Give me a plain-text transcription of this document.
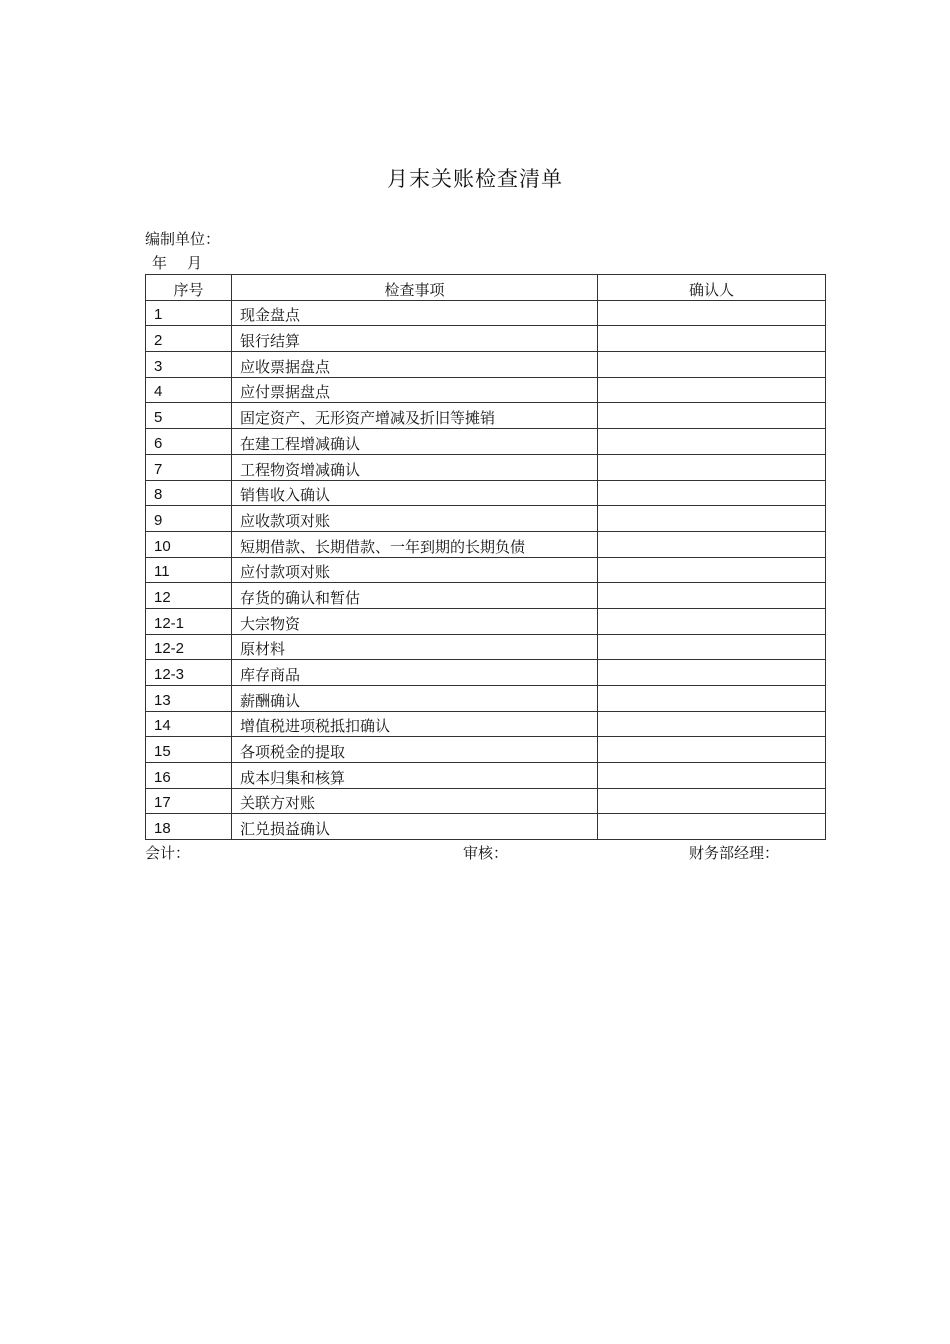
月末关账检查清单
编制单位：
年 月
序号	检查事项	确认人
1	现金盘点	
2	银行结算	
3	应收票据盘点	
4	应付票据盘点	
5	固定资产、无形资产增减及折旧等摊销	
6	在建工程增减确认	
7	工程物资增减确认	
8	销售收入确认	
9	应收款项对账	
10	短期借款、长期借款、一年到期的长期负债	
11	应付款项对账	
12	存货的确认和暂估	
12-1	大宗物资	
12-2	原材料	
12-3	库存商品	
13	薪酬确认	
14	增值税进项税抵扣确认	
15	各项税金的提取	
16	成本归集和核算	
17	关联方对账	
18	汇兑损益确认	
会计：	审核：	财务部经理：
